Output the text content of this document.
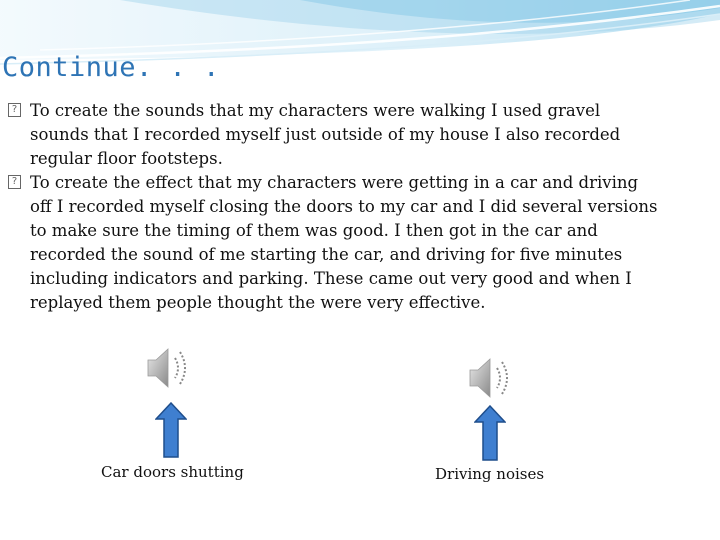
Continue. . .
? To create the sounds that my characters were walking I used gravel sounds that I recorded myself just outside of my house I also recorded regular floor footsteps.
? To create the effect that my characters were getting in a car and driving off I recorded myself closing the doors to my car and I did several versions to make sure the timing of them was good. I then got in the car and recorded the sound of me starting the car, and driving for five minutes including indicators and parking. These came out very good and when I replayed them people thought the were very effective.
Car doors shutting	Driving noises
